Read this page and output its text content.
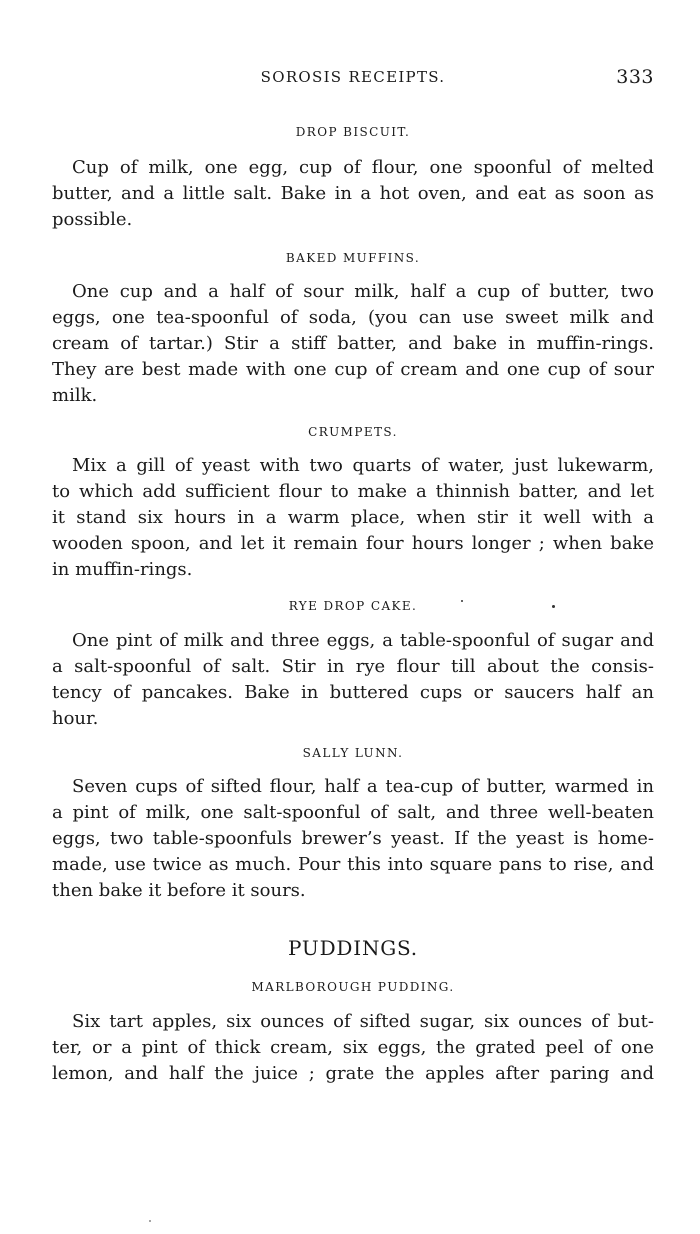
SOROSIS RECEIPTS.	333
DROP BISCUIT.
Cup of milk, one egg, cup of flour, one spoonful of melted
butter, and a little salt. Bake in a hot oven, and eat as soon as
possible.
BAKED MUFFINS.
One cup and a half of sour milk, half a cup of butter, two
eggs, one tea-spoonful of soda, (you can use sweet milk and
cream of tartar.) Stir a stiff batter, and bake in muffin-rings.
They are best made with one cup of cream and one cup of sour
milk.
CRUMPETS.
Mix a gill of yeast with two quarts of water, just lukewarm,
to which add sufficient flour to make a thinnish batter, and let
it stand six hours in a warm place, when stir it well with a
wooden spoon, and let it remain four hours longer ; when bake
in muffin-rings.
RYE DROP CAKE.
One pint of milk and three eggs, a table-spoonful of sugar and
a salt-spoonful of salt. Stir in rye flour till about the consis-
tency of pancakes. Bake in buttered cups or saucers half an
hour.
SALLY LUNN.
Seven cups of sifted flour, half a tea-cup of butter, warmed in
a pint of milk, one salt-spoonful of salt, and three well-beaten
eggs, two table-spoonfuls brewer’s yeast. If the yeast is home-
made, use twice as much. Pour this into square pans to rise, and
then bake it before it sours.
PUDDINGS.
MARLBOROUGH PUDDING.
Six tart apples, six ounces of sifted sugar, six ounces of but-
ter, or a pint of thick cream, six eggs, the grated peel of one
lemon, and half the juice ; grate the apples after paring and
